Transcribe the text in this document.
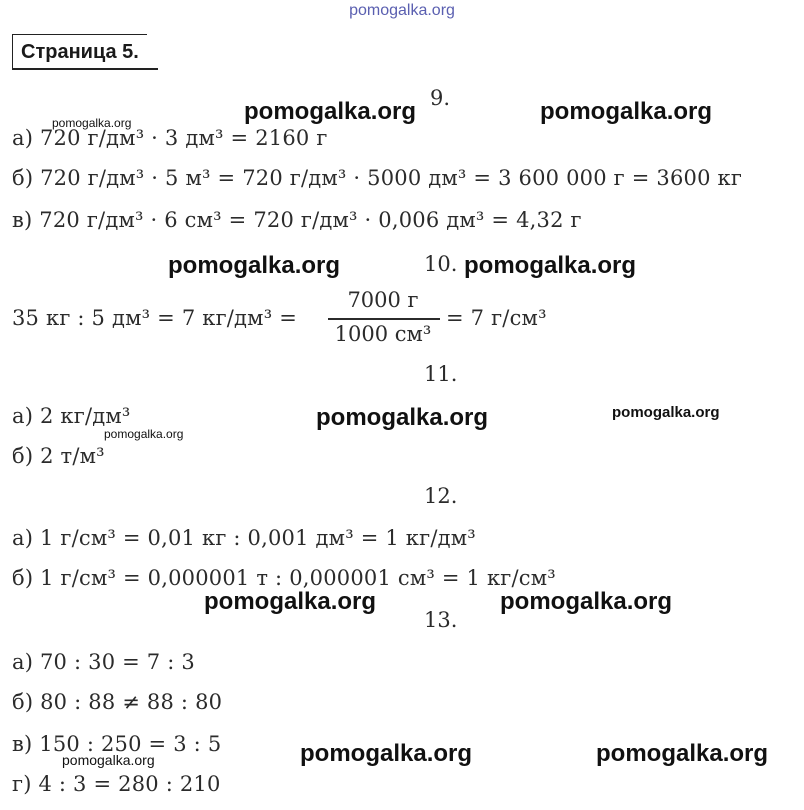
pomogalka.org
Страница 5.
pomogalka.org	pomogalka.org	pomogalka.org
pomogalka.org	pomogalka.org
pomogalka.org	pomogalka.org
pomogalka.org
pomogalka.org	pomogalka.org
pomogalka.org	pomogalka.org
pomogalka.org
9.
а) 720 г/дм³ · 3 дм³ = 2160 г
б) 720 г/дм³ · 5 м³ = 720 г/дм³ · 5000 дм³ = 3 600 000 г = 3600 кг
в) 720 г/дм³ · 6 см³ = 720 г/дм³ · 0,006 дм³ = 4,32 г
10.
35 кг : 5 дм³ = 7 кг/дм³ =
7000 г
1000 см³
= 7 г/см³
11.
а) 2 кг/дм³
б) 2 т/м³
12.
а) 1 г/см³ = 0,01 кг : 0,001 дм³ = 1 кг/дм³
б) 1 г/см³ = 0,000001 т : 0,000001 см³ = 1 кг/см³
13.
а) 70 : 30 = 7 : 3
б) 80 : 88 ≠ 88 : 80
в) 150 : 250 = 3 : 5
г) 4 : 3 = 280 : 210
